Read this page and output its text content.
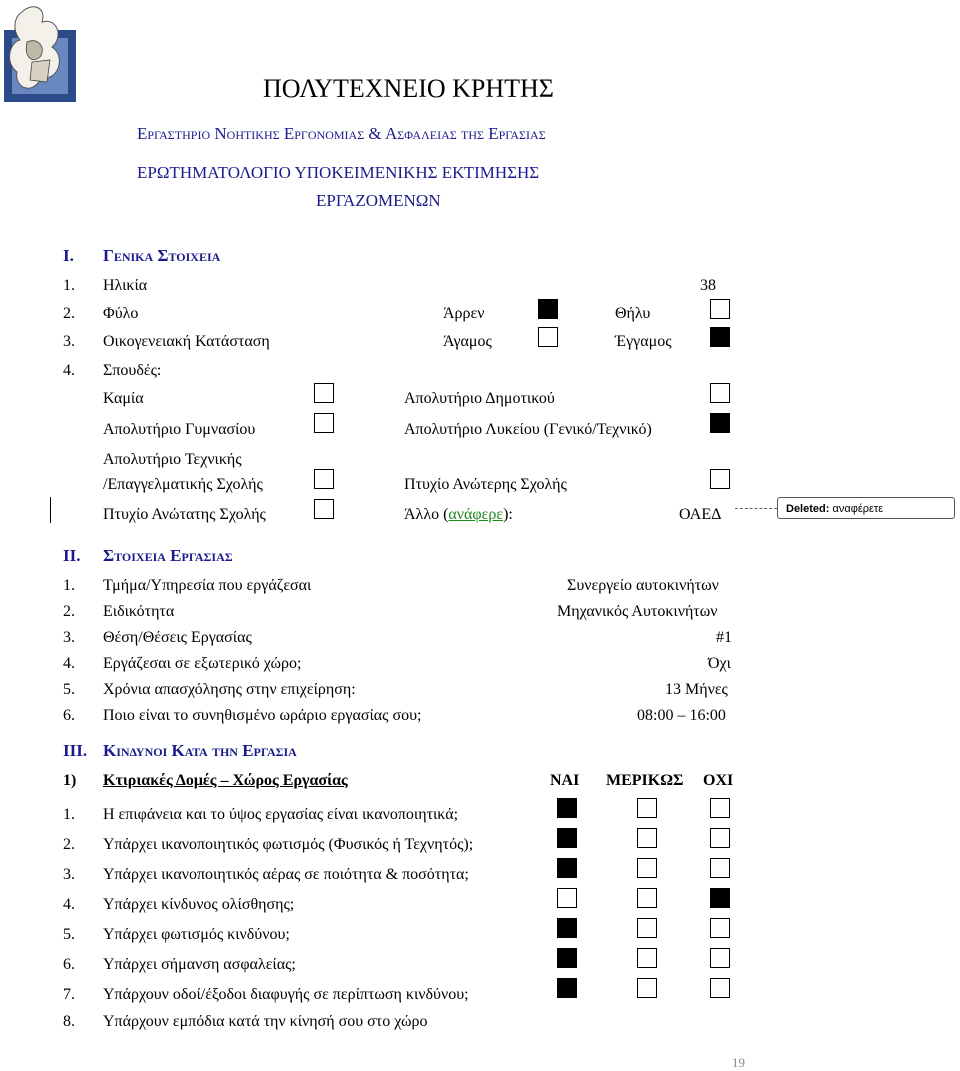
ΠΟΛΥΤΕΧΝΕΙΟ ΚΡΗΤΗΣ
Εργαστηριο Νοητικης Εργονομιας & Ασφαλειας της Εργασιας
ΕΡΩΤΗΜΑΤΟΛΟΓΙΟ ΥΠΟΚΕΙΜΕΝΙΚΗΣ ΕΚΤΙΜΗΣΗΣ
ΕΡΓΑΖΟΜΕΝΩΝ
I. Γενικα Στοιχεια
1. Ηλικία	38
2. Φύλο	Άρρεν	Θήλυ
3. Οικογενειακή Κατάσταση	Άγαμος	Έγγαμος
4. Σπουδές:
Καμία	Απολυτήριο Δημοτικού
Απολυτήριο Γυμνασίου	Απολυτήριο Λυκείου (Γενικό/Τεχνικό)
Απολυτήριο Τεχνικής
/Επαγγελματικής Σχολής	Πτυχίο Ανώτερης Σχολής
Πτυχίο Ανώτατης Σχολής	Άλλο (ανάφερε):	ΟΑΕΔ	Deleted: αναφέρετε
II. Στοιχεια Εργασιας
1. Τμήμα/Υπηρεσία που εργάζεσαι	Συνεργείο αυτοκινήτων
2. Ειδικότητα	Μηχανικός Αυτοκινήτων
3. Θέση/Θέσεις Εργασίας	#1
4. Εργάζεσαι σε εξωτερικό χώρο;	Όχι
5. Χρόνια απασχόλησης στην επιχείρηση:	13 Μήνες
6. Ποιο είναι το συνηθισμένο ωράριο εργασίας σου;	08:00 – 16:00
III. Κινδυνοι Κατα την Εργασια
1) Κτιριακές Δομές – Χώρος Εργασίας	ΝΑΙ ΜΕΡΙΚΩΣ ΟΧΙ
1. Η επιφάνεια και το ύψος εργασίας είναι ικανοποιητικά;
2. Υπάρχει ικανοποιητικός φωτισμός (Φυσικός ή Τεχνητός);
3. Υπάρχει ικανοποιητικός αέρας σε ποιότητα & ποσότητα;
4. Υπάρχει κίνδυνος ολίσθησης;
5. Υπάρχει φωτισμός κινδύνου;
6. Υπάρχει σήμανση ασφαλείας;
7. Υπάρχουν οδοί/έξοδοι διαφυγής σε περίπτωση κινδύνου;
8. Υπάρχουν εμπόδια κατά την κίνησή σου στο χώρο
19
